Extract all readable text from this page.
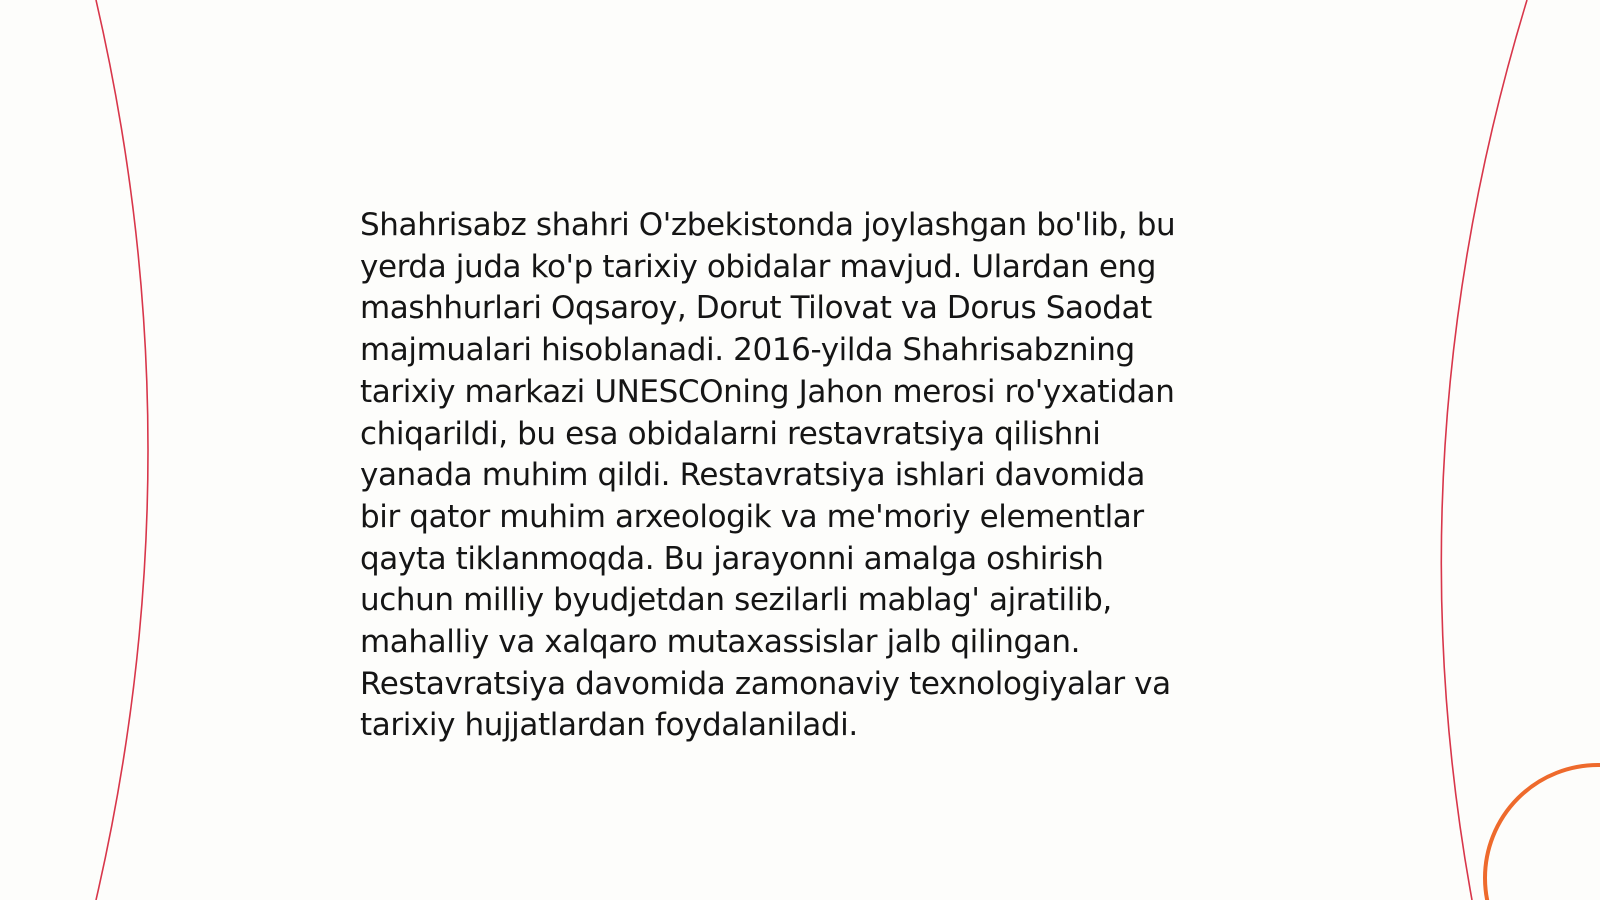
Shahrisabz shahri O'zbekistonda joylashgan bo'lib, bu
yerda juda ko'p tarixiy obidalar mavjud. Ulardan eng
mashhurlari Oqsaroy, Dorut Tilovat va Dorus Saodat
majmualari hisoblanadi. 2016-yilda Shahrisabzning
tarixiy markazi UNESCOning Jahon merosi ro'yxatidan
chiqarildi, bu esa obidalarni restavratsiya qilishni
yanada muhim qildi. Restavratsiya ishlari davomida
bir qator muhim arxeologik va me'moriy elementlar
qayta tiklanmoqda. Bu jarayonni amalga oshirish
uchun milliy byudjetdan sezilarli mablag' ajratilib,
mahalliy va xalqaro mutaxassislar jalb qilingan.
Restavratsiya davomida zamonaviy texnologiyalar va
tarixiy hujjatlardan foydalaniladi.
